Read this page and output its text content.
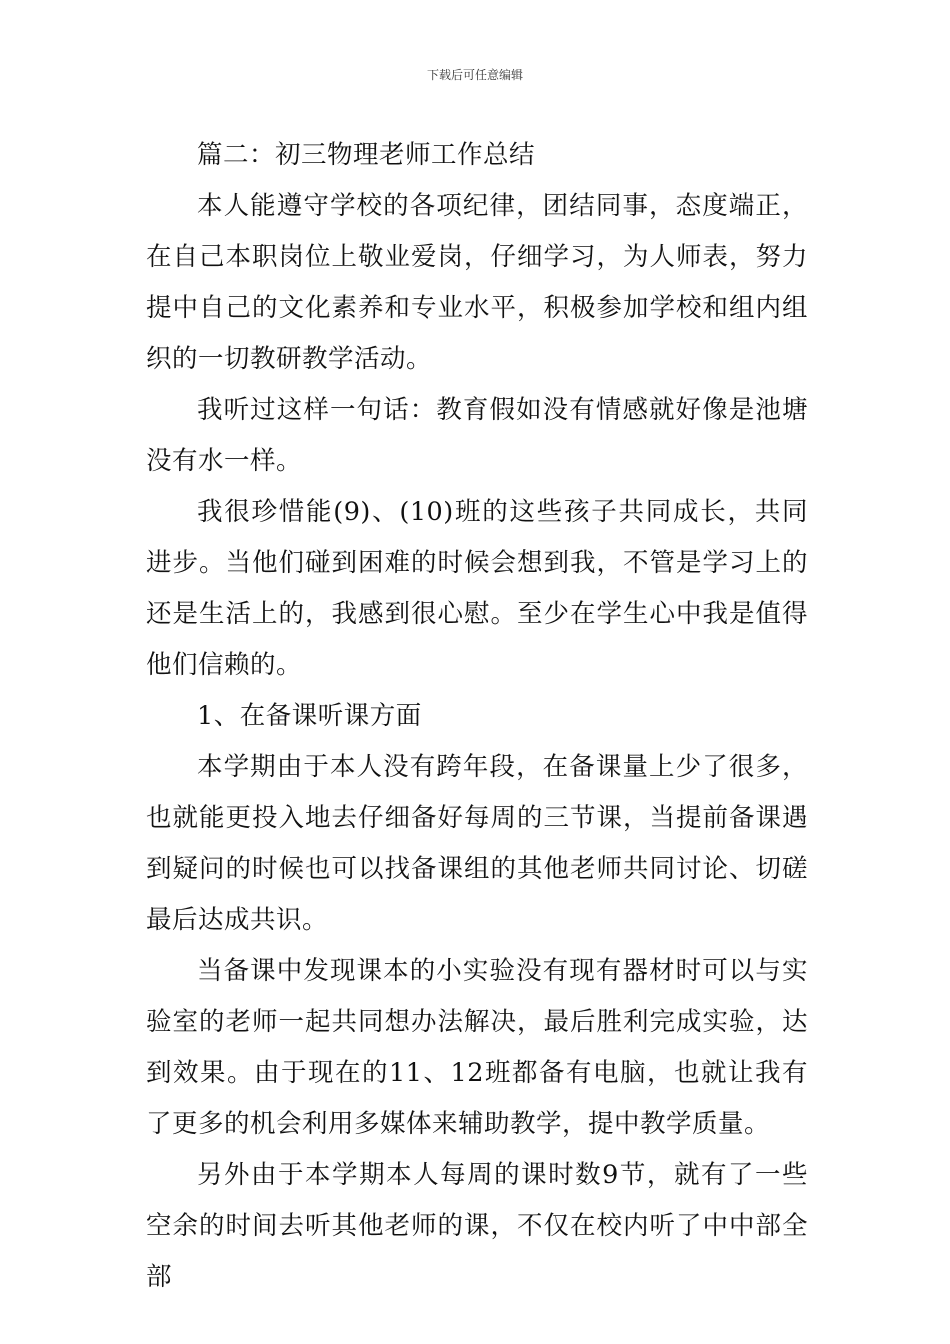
下载后可任意编辑

篇二：初三物理老师工作总结

本人能遵守学校的各项纪律，团结同事，态度端正，在自己本职岗位上敬业爱岗，仔细学习，为人师表，努力提中自己的文化素养和专业水平，积极参加学校和组内组织的一切教研教学活动。

我听过这样一句话：教育假如没有情感就好像是池塘没有水一样。

我很珍惜能(9)、(10)班的这些孩子共同成长，共同进步。当他们碰到困难的时候会想到我，不管是学习上的还是生活上的，我感到很心慰。至少在学生心中我是值得他们信赖的。

1、在备课听课方面

本学期由于本人没有跨年段，在备课量上少了很多，也就能更投入地去仔细备好每周的三节课，当提前备课遇到疑问的时候也可以找备课组的其他老师共同讨论、切磋最后达成共识。

当备课中发现课本的小实验没有现有器材时可以与实验室的老师一起共同想办法解决，最后胜利完成实验，达到效果。由于现在的11、12班都备有电脑，也就让我有了更多的机会利用多媒体来辅助教学，提中教学质量。

另外由于本学期本人每周的课时数9节，就有了一些空余的时间去听其他老师的课，不仅在校内听了中中部全部
